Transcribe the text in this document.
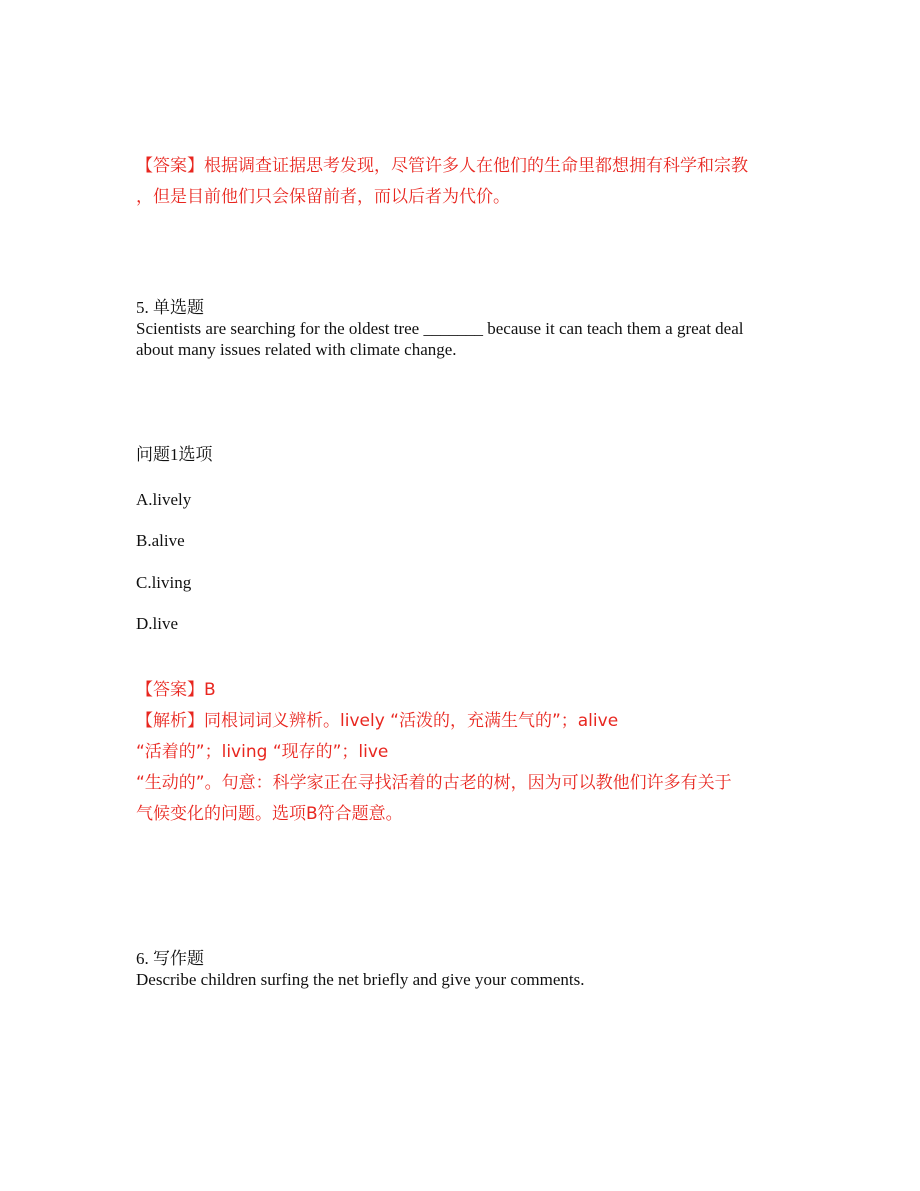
【答案】根据调查证据思考发现，尽管许多人在他们的生命里都想拥有科学和宗教
，但是目前他们只会保留前者，而以后者为代价。
5. 单选题
Scientists are searching for the oldest tree _______ because it can teach them a great deal
about many issues related with climate change.

问题1选项

A.lively

B.alive

C.living

D.live

【答案】B
【解析】同根词词义辨析。lively “活泼的，充满生气的”；alive
“活着的”；living “现存的”；live
“生动的”。句意：科学家正在寻找活着的古老的树，因为可以教他们许多有关于
气候变化的问题。选项B符合题意。
6. 写作题
Describe children surfing the net briefly and give your comments.
